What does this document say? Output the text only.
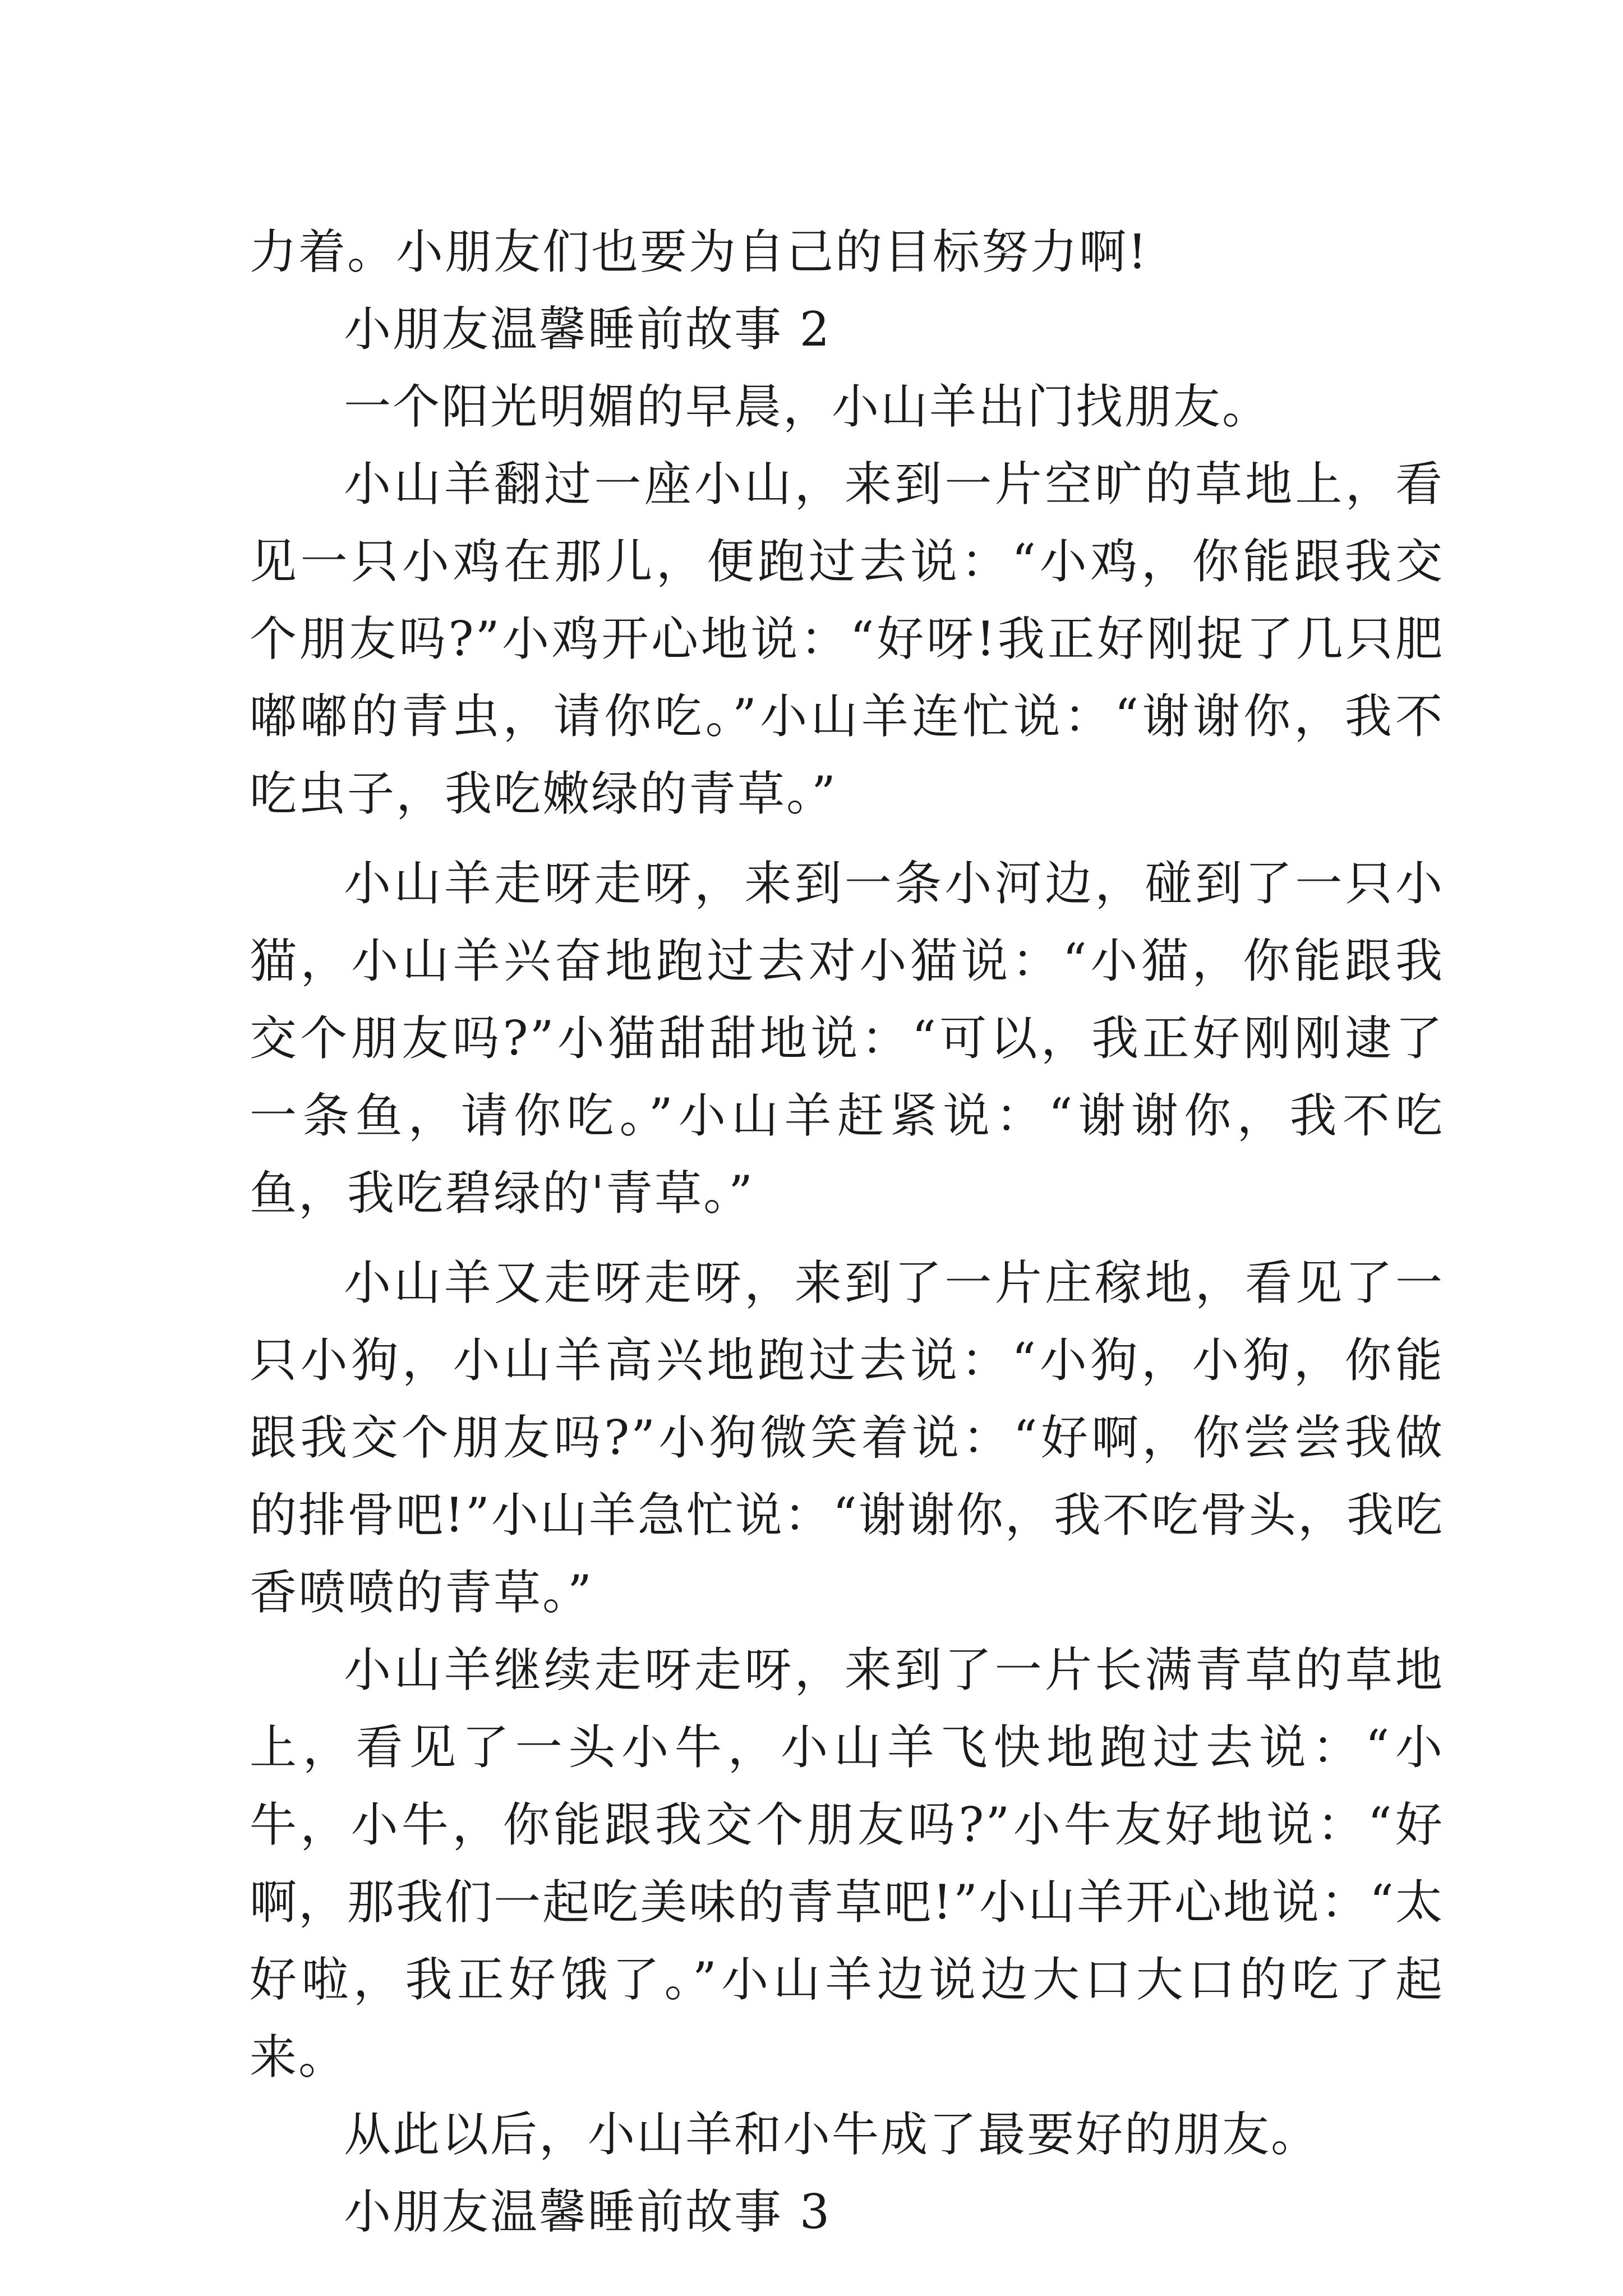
力着。小朋友们也要为自己的目标努力啊!

小朋友温馨睡前故事 2

一个阳光明媚的早晨，小山羊出门找朋友。

小山羊翻过一座小山，来到一片空旷的草地上，看见一只小鸡在那儿，便跑过去说：“小鸡，你能跟我交个朋友吗?”小鸡开心地说：“好呀!我正好刚捉了几只肥嘟嘟的青虫，请你吃。”小山羊连忙说：“谢谢你，我不吃虫子，我吃嫩绿的青草。”

小山羊走呀走呀，来到一条小河边，碰到了一只小猫，小山羊兴奋地跑过去对小猫说：“小猫，你能跟我交个朋友吗?”小猫甜甜地说：“可以，我正好刚刚逮了一条鱼，请你吃。”小山羊赶紧说：“谢谢你，我不吃鱼，我吃碧绿的'青草。”

小山羊又走呀走呀，来到了一片庄稼地，看见了一只小狗，小山羊高兴地跑过去说：“小狗，小狗，你能跟我交个朋友吗?”小狗微笑着说：“好啊，你尝尝我做的排骨吧!”小山羊急忙说：“谢谢你，我不吃骨头，我吃香喷喷的青草。”

小山羊继续走呀走呀，来到了一片长满青草的草地上，看见了一头小牛，小山羊飞快地跑过去说：“小牛，小牛，你能跟我交个朋友吗?”小牛友好地说：“好啊，那我们一起吃美味的青草吧!”小山羊开心地说：“太好啦，我正好饿了。”小山羊边说边大口大口的吃了起来。

从此以后，小山羊和小牛成了最要好的朋友。

小朋友温馨睡前故事 3
